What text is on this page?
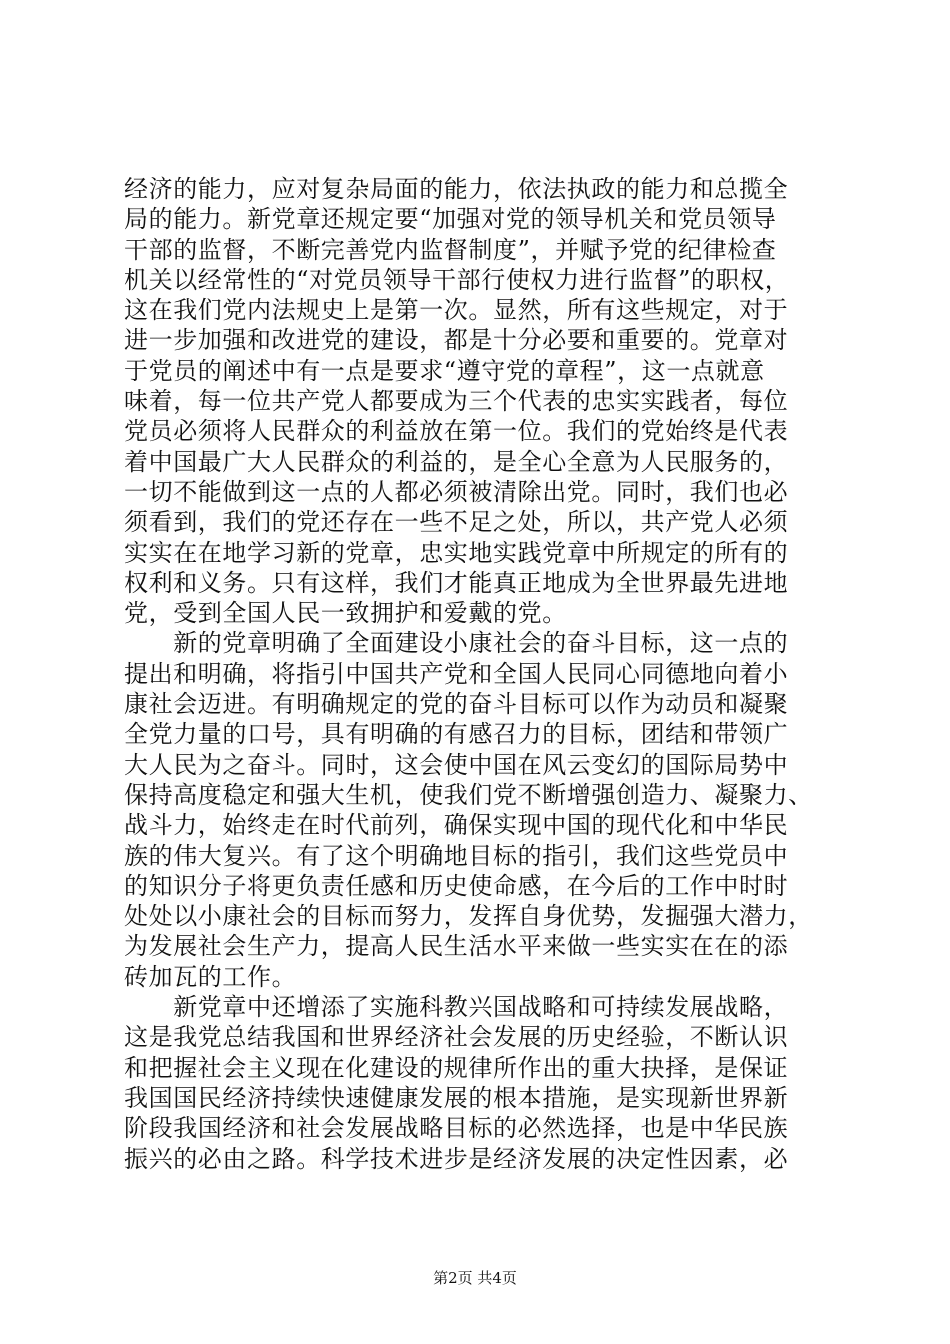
经济的能力，应对复杂局面的能力，依法执政的能力和总揽全
局的能力。新党章还规定要“加强对党的领导机关和党员领导
干部的监督，不断完善党内监督制度”，并赋予党的纪律检查
机关以经常性的“对党员领导干部行使权力进行监督”的职权，
这在我们党内法规史上是第一次。显然，所有这些规定，对于
进一步加强和改进党的建设，都是十分必要和重要的。党章对
于党员的阐述中有一点是要求“遵守党的章程”，这一点就意
味着，每一位共产党人都要成为三个代表的忠实实践者，每位
党员必须将人民群众的利益放在第一位。我们的党始终是代表
着中国最广大人民群众的利益的，是全心全意为人民服务的，
一切不能做到这一点的人都必须被清除出党。同时，我们也必
须看到，我们的党还存在一些不足之处，所以，共产党人必须
实实在在地学习新的党章，忠实地实践党章中所规定的所有的
权利和义务。只有这样，我们才能真正地成为全世界最先进地
党，受到全国人民一致拥护和爱戴的党。
　　新的党章明确了全面建设小康社会的奋斗目标，这一点的
提出和明确，将指引中国共产党和全国人民同心同德地向着小
康社会迈进。有明确规定的党的奋斗目标可以作为动员和凝聚
全党力量的口号，具有明确的有感召力的目标，团结和带领广
大人民为之奋斗。同时，这会使中国在风云变幻的国际局势中
保持高度稳定和强大生机，使我们党不断增强创造力、凝聚力、
战斗力，始终走在时代前列，确保实现中国的现代化和中华民
族的伟大复兴。有了这个明确地目标的指引，我们这些党员中
的知识分子将更负责任感和历史使命感，在今后的工作中时时
处处以小康社会的目标而努力，发挥自身优势，发掘强大潜力，
为发展社会生产力，提高人民生活水平来做一些实实在在的添
砖加瓦的工作。
　　新党章中还增添了实施科教兴国战略和可持续发展战略，
这是我党总结我国和世界经济社会发展的历史经验，不断认识
和把握社会主义现在化建设的规律所作出的重大抉择，是保证
我国国民经济持续快速健康发展的根本措施，是实现新世界新
阶段我国经济和社会发展战略目标的必然选择，也是中华民族
振兴的必由之路。科学技术进步是经济发展的决定性因素，必
第2页 共4页
